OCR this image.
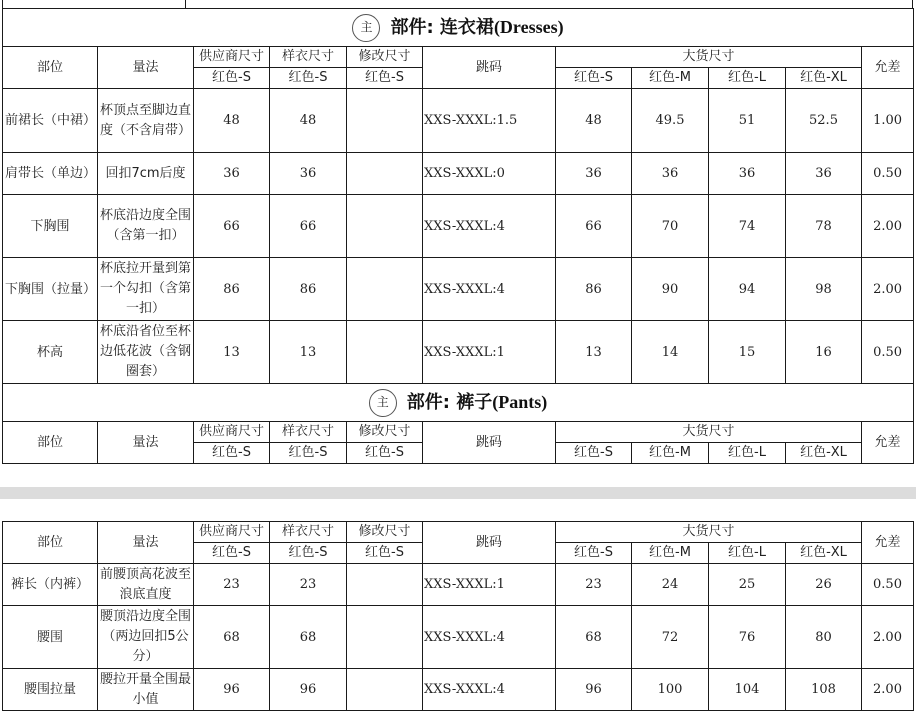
主 部件: 连衣裙(Dresses)										

部位	量法	供应商尺寸	样衣尺寸	修改尺寸	跳码	大货尺寸				允差
		红色-S	红色-S	红色-S		红色-S	红色-M	红色-L	红色-XL	
前裙长（中裙）	杯顶点至脚边直度（不含肩带）	48	48		XXS-XXXL:1.5	48	49.5	51	52.5	1.00
肩带长（单边）	回扣7cm后度	36	36		XXS-XXXL:0	36	36	36	36	0.50
下胸围	杯底沿边度全围（含第一扣）	66	66		XXS-XXXL:4	66	70	74	78	2.00
下胸围（拉量）	杯底拉开量到第一个勾扣（含第一扣）	86	86		XXS-XXXL:4	86	90	94	98	2.00
杯高	杯底沿省位至杯边低花波（含钢圈套）	13	13		XXS-XXXL:1	13	14	15	16	0.50

主 部件: 裤子(Pants)										

部位	量法	供应商尺寸	样衣尺寸	修改尺寸	跳码	大货尺寸				允差
		红色-S	红色-S	红色-S		红色-S	红色-M	红色-L	红色-XL	
部位	量法	供应商尺寸	样衣尺寸	修改尺寸	跳码	大货尺寸				允差
		红色-S	红色-S	红色-S		红色-S	红色-M	红色-L	红色-XL	
裤长（内裤）	前腰顶高花波至浪底直度	23	23		XXS-XXXL:1	23	24	25	26	0.50
腰围	腰顶沿边度全围（两边回扣5公分）	68	68		XXS-XXXL:4	68	72	76	80	2.00
腰围拉量	腰拉开量全围最小值	96	96		XXS-XXXL:4	96	100	104	108	2.00
